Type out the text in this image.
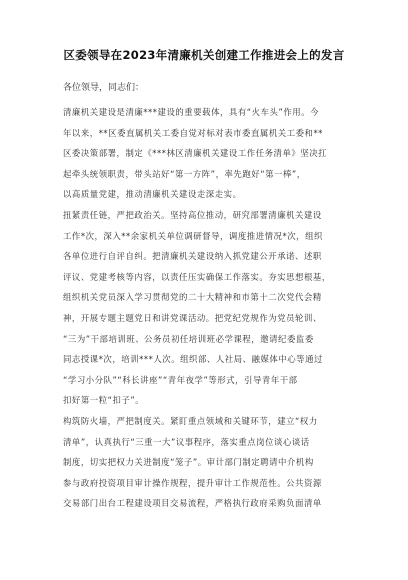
区委领导在2023年清廉机关创建工作推进会上的发言
各位领导，同志们：
清廉机关建设是清廉***建设的重要载体，具有“火车头”作用。今
年以来，**区委直属机关工委自觉对标对表市委直属机关工委和**
区委决策部署，制定《***林区清廉机关建设工作任务清单》坚决扛
起牵头统领职责，带头站好“第一方阵”，率先跑好“第一棒”，
以高质量党建，推动清廉机关建设走深走实。
扭紧责任链，严把政治关。坚持高位推动，研究部署清廉机关建设
工作*次，深入**余家机关单位调研督导，调度推进情况*次，组织
各单位进行自评自纠。把清廉机关建设纳入抓党建公开承诺、述职
评议、党建考核等内容，以责任压实确保工作落实。夯实思想根基，
组织机关党员深入学习贯彻党的二十大精神和市第十二次党代会精
神，开展专题主题党日和讲党课活动。把党纪党规作为党员轮训、
“三为”干部培训班、公务员初任培训班必学课程，邀请纪委监委
同志授课*次，培训***人次。组织部、人社局、融媒体中心等通过
“学习小分队”“科长讲座”“青年夜学”等形式，引导青年干部
扣好第一粒“扣子”。
构筑防火墙，严把制度关。紧盯重点领域和关键环节，建立“权力
清单”，认真执行“三重一大”议事程序，落实重点岗位谈心谈话
制度，切实把权力关进制度“笼子”。审计部门制定聘请中介机构
参与政府投资项目审计操作规程，提升审计工作规范性。公共资源
交易部门出台工程建设项目交易流程，严格执行政府采购负面清单
